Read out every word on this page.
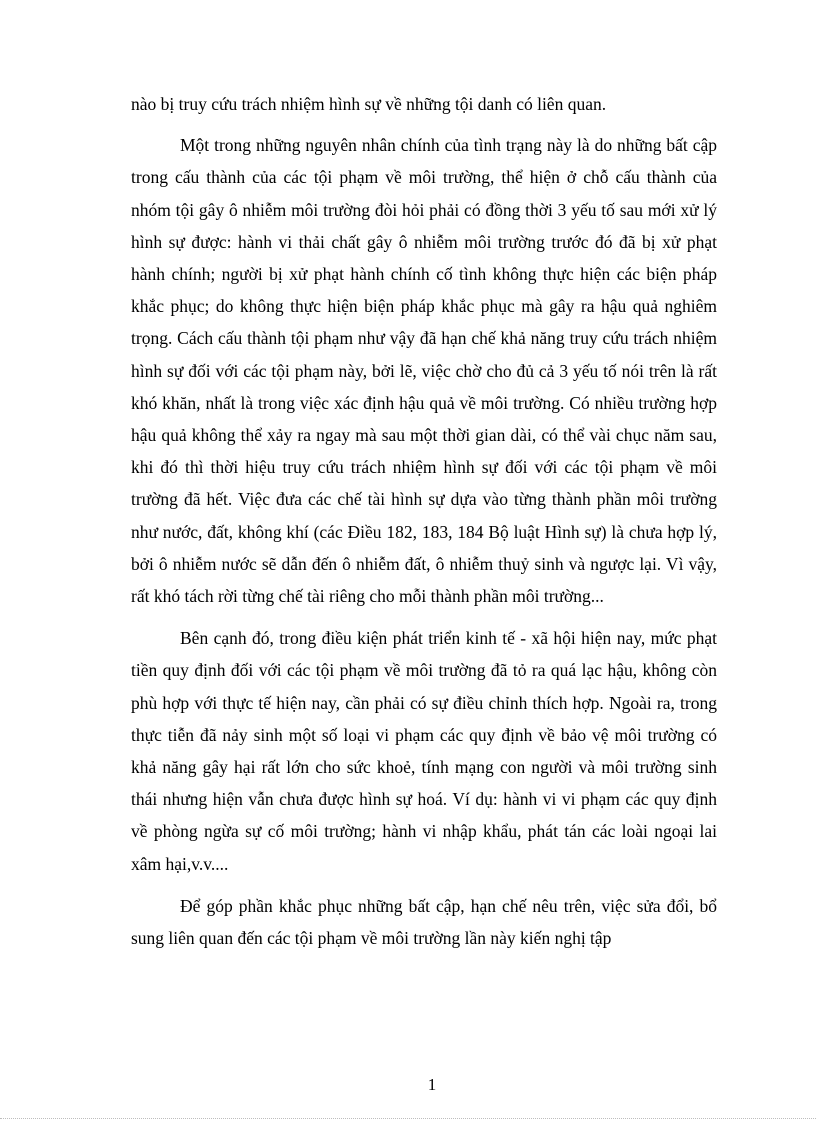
nào bị truy cứu trách nhiệm hình sự về những tội danh có liên quan.

Một trong những nguyên nhân chính của tình trạng này là do những bất cập trong cấu thành của các tội phạm về môi trường, thể hiện ở chỗ cấu thành của nhóm tội gây ô nhiễm môi trường đòi hỏi phải có đồng thời 3 yếu tố sau mới xử lý hình sự được: hành vi thải chất gây ô nhiễm môi trường trước đó đã bị xử phạt hành chính; người bị xử phạt hành chính cố tình không thực hiện các biện pháp khắc phục; do không thực hiện biện pháp khắc phục mà gây ra hậu quả nghiêm trọng. Cách cấu thành tội phạm như vậy đã hạn chế khả năng truy cứu trách nhiệm hình sự đối với các tội phạm này, bởi lẽ, việc chờ cho đủ cả 3 yếu tố nói trên là rất khó khăn, nhất là trong việc xác định hậu quả về môi trường. Có nhiều trường hợp hậu quả không thể xảy ra ngay mà sau một thời gian dài, có thể vài chục năm sau, khi đó thì thời hiệu truy cứu trách nhiệm hình sự đối với các tội phạm về môi trường đã hết. Việc đưa các chế tài hình sự dựa vào từng thành phần môi trường như nước, đất, không khí (các Điều 182, 183, 184 Bộ luật Hình sự) là chưa hợp lý, bởi ô nhiễm nước sẽ dẫn đến ô nhiễm đất, ô nhiễm thuỷ sinh và ngược lại. Vì vậy, rất khó tách rời từng chế tài riêng cho mỗi thành phần môi trường...

Bên cạnh đó, trong điều kiện phát triển kinh tế - xã hội hiện nay, mức phạt tiền quy định đối với các tội phạm về môi trường đã tỏ ra quá lạc hậu, không còn phù hợp với thực tế hiện nay, cần phải có sự điều chỉnh thích hợp. Ngoài ra, trong thực tiễn đã nảy sinh một số loại vi phạm các quy định về bảo vệ môi trường có khả năng gây hại rất lớn cho sức khoẻ, tính mạng con người và môi trường sinh thái nhưng hiện vẫn chưa được hình sự hoá. Ví dụ: hành vi vi phạm các quy định về phòng ngừa sự cố môi trường; hành vi nhập khẩu, phát tán các loài ngoại lai xâm hại,v.v....

Để góp phần khắc phục những bất cập, hạn chế nêu trên, việc sửa đổi, bổ sung liên quan đến các tội phạm về môi trường lần này kiến nghị tập

1
